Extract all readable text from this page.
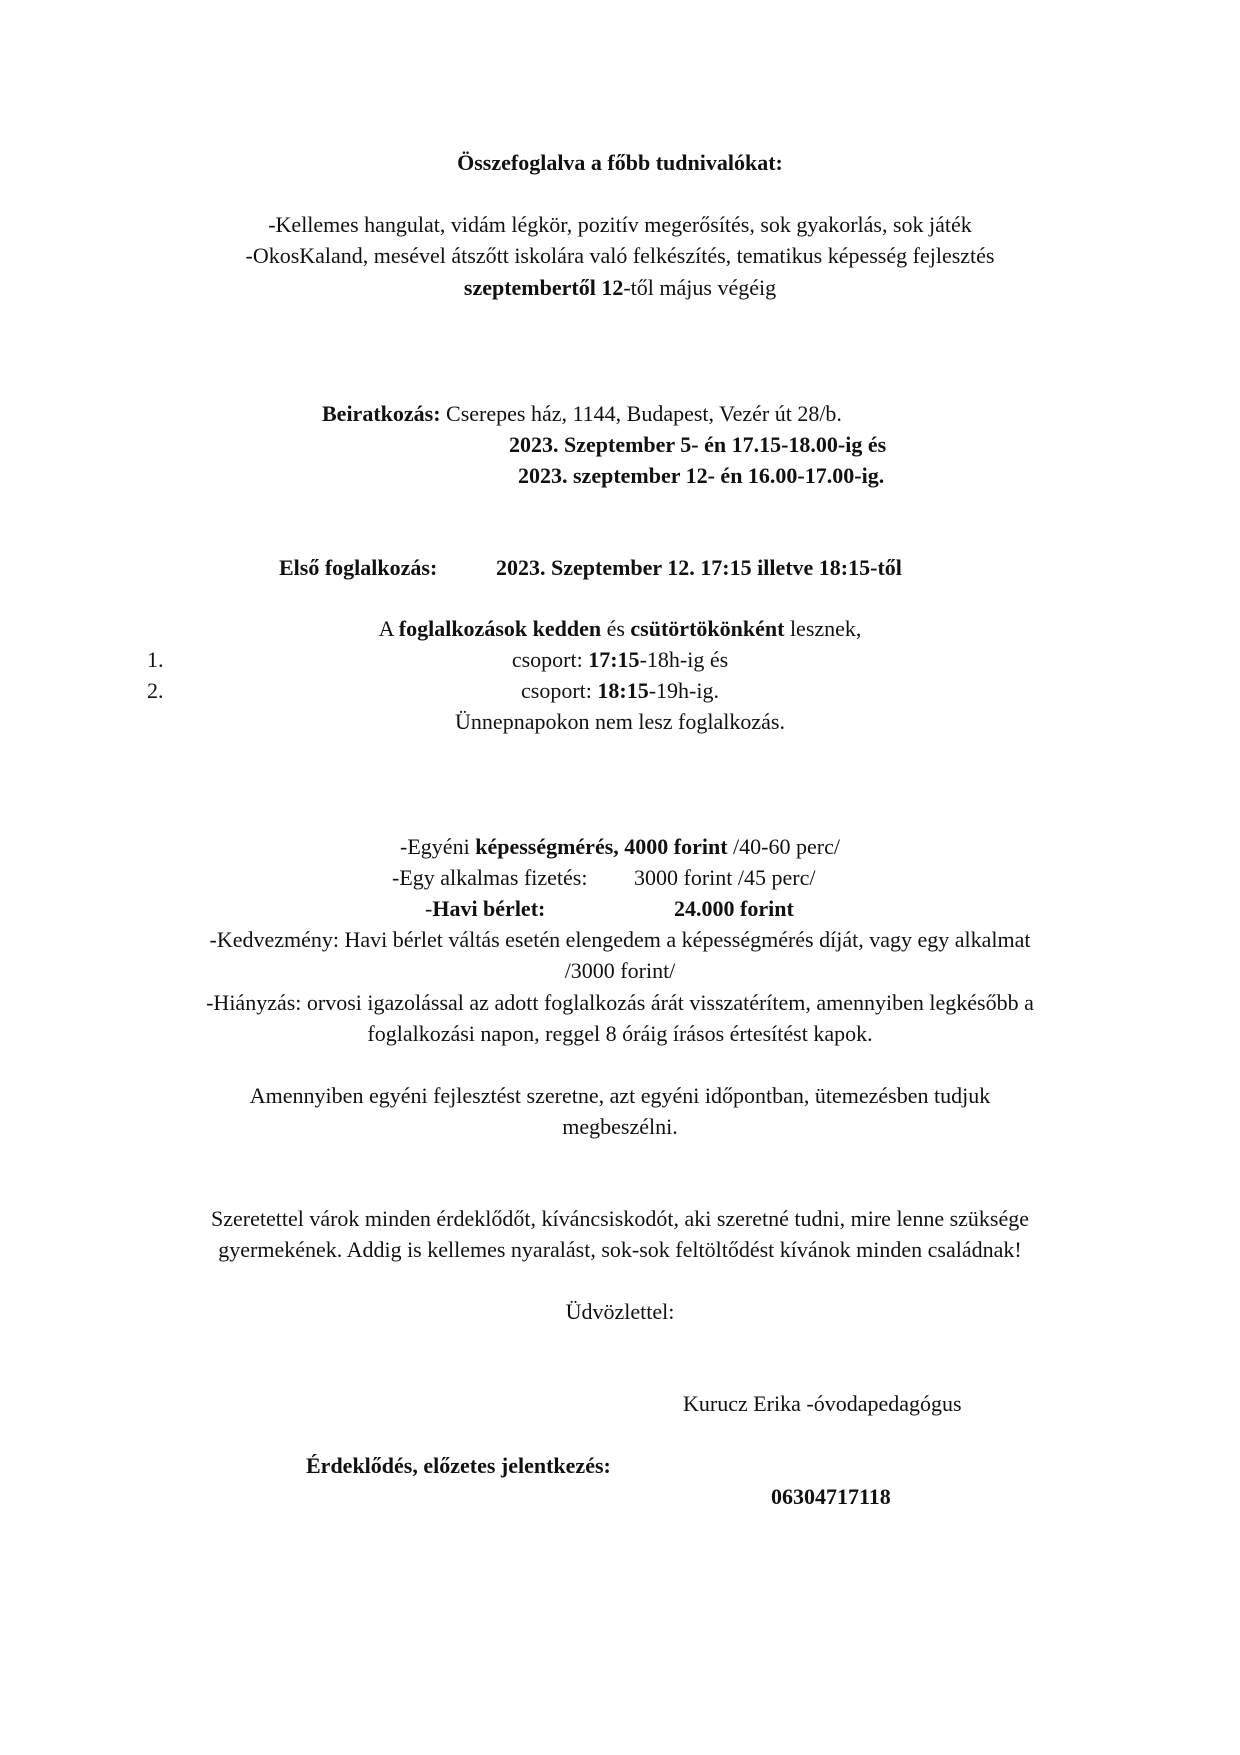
Összefoglalva a főbb tudnivalókat:
-Kellemes hangulat, vidám légkör, pozitív megerősítés, sok gyakorlás, sok játék
-OkosKaland, mesével átszőtt iskolára való felkészítés, tematikus képesség fejlesztés
szeptembertől 12-től május végéig
Beiratkozás: Cserepes ház, 1144, Budapest, Vezér út 28/b.
2023. Szeptember 5- én 17.15-18.00-ig és
2023. szeptember 12- én 16.00-17.00-ig.
Első foglalkozás:	2023. Szeptember 12. 17:15 illetve 18:15-től
A foglalkozások kedden és csütörtökönként lesznek,
1.	csoport: 17:15-18h-ig és
2.	csoport: 18:15-19h-ig.
Ünnepnapokon nem lesz foglalkozás.
-Egyéni képességmérés, 4000 forint /40-60 perc/
-Egy alkalmas fizetés: 3000 forint /45 perc/
-Havi bérlet:	24.000 forint
-Kedvezmény: Havi bérlet váltás esetén elengedem a képességmérés díját, vagy egy alkalmat
/3000 forint/
-Hiányzás: orvosi igazolással az adott foglalkozás árát visszatérítem, amennyiben legkésőbb a
foglalkozási napon, reggel 8 óráig írásos értesítést kapok.
Amennyiben egyéni fejlesztést szeretne, azt egyéni időpontban, ütemezésben tudjuk
megbeszélni.
Szeretettel várok minden érdeklődőt, kíváncsiskodót, aki szeretné tudni, mire lenne szüksége
gyermekének. Addig is kellemes nyaralást, sok-sok feltöltődést kívánok minden családnak!
Üdvözlettel:
Kurucz Erika -óvodapedagógus
Érdeklődés, előzetes jelentkezés:
06304717118
